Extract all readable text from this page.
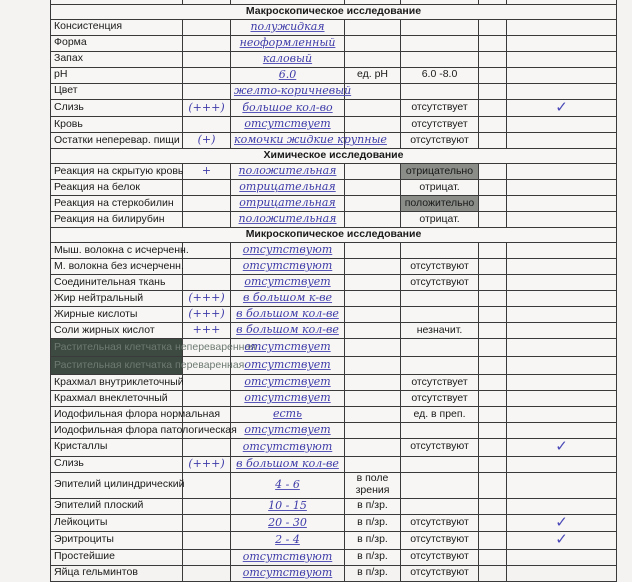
Макроскопическое исследование						
Консистенция		полужидкая				
Форма		неоформленный				
Запах		каловый				
pH		6.0	ед. pH	6.0 -8.0		
Цвет		желто-коричневый				
Слизь	(+++)	большое кол-во		отсутствует		✓
Кровь		отсутствует		отсутствует		
Остатки неперевар. пищи	(+)	комочки жидкие крупные		отсутствуют		
Химическое исследование						
Реакция на скрытую кровь	+	положительная		отрицательно		
Реакция на белок		отрицательная		отрицат.		
Реакция на стеркобилин		отрицательная		положительно		
Реакция на билирубин		положительная		отрицат.		
Микроскопическое исследование						
Мыш. волокна с исчерченн.		отсутствуют				
М. волокна без исчерченн.		отсутствуют		отсутствуют		
Соединительная ткань		отсутствует		отсутствуют		
Жир нейтральный	(+++)	в большом к-ве				
Жирные кислоты	(+++)	в большом кол-ве				
Соли жирных кислот	+++	в большом кол-ве		незначит.		
Растительная клетчатка непереваренная		отсутствует				
Растительная клетчатка переваренная		отсутствует				
Крахмал внутриклеточный		отсутствует		отсутствует		
Крахмал внеклеточный		отсутствует		отсутствует		
Иодофильная флора нормальная		есть		ед. в преп.		
Иодофильная флора патологическая		отсутствует				
Кристаллы		отсутствуют		отсутствуют		✓
Слизь	(+++)	в большом кол-ве				
Эпителий цилиндрический		4 - 6	в поле зрения			
Эпителий плоский		10 - 15	в п/зр.			
Лейкоциты		20 - 30	в п/зр.	отсутствуют		✓
Эритроциты		2 - 4	в п/зр.	отсутствуют		✓
Простейшие		отсутствуют	в п/зр.	отсутствуют		
Яйца гельминтов		отсутствуют	в п/зр.	отсутствуют		
